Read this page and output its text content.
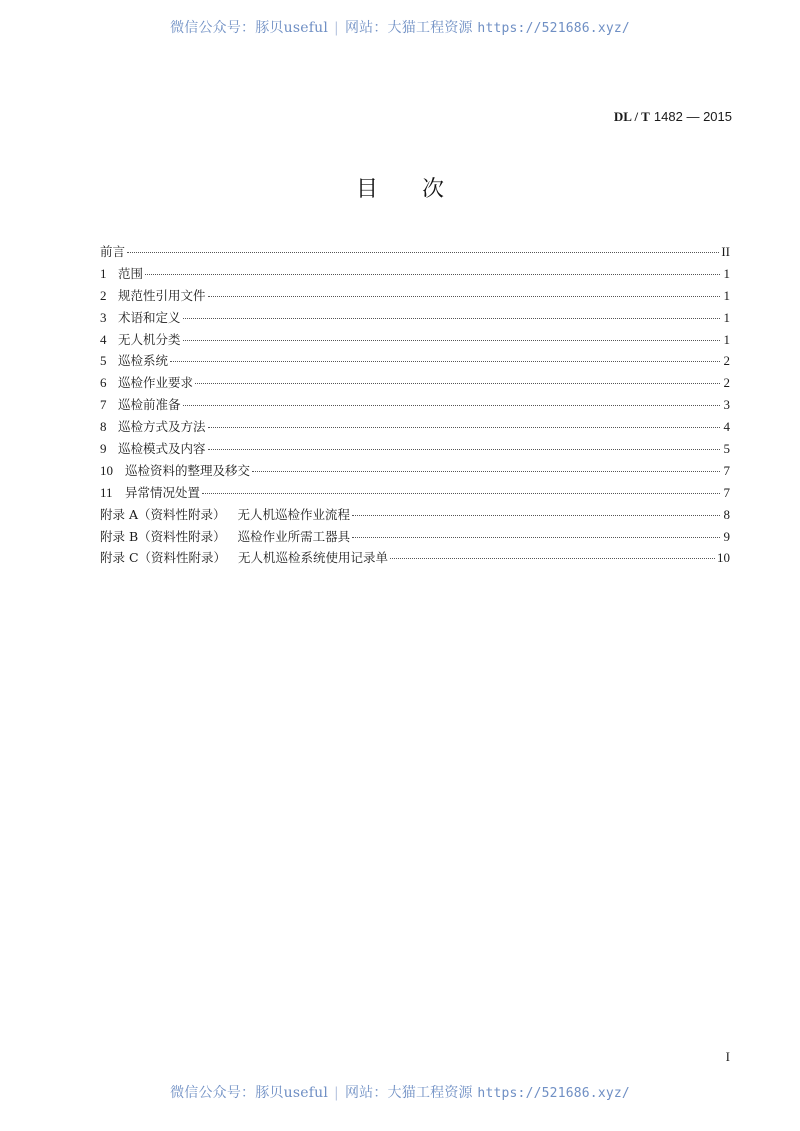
微信公众号：豚贝useful | 网站：大猫工程资源 https://521686.xyz/
DL / T 1482 — 2015
目次
前言	II
1 范围	1
2 规范性引用文件	1
3 术语和定义	1
4 无人机分类	1
5 巡检系统	2
6 巡检作业要求	2
7 巡检前准备	3
8 巡检方式及方法	4
9 巡检模式及内容	5
10 巡检资料的整理及移交	7
11 异常情况处置	7
附录 A（资料性附录） 无人机巡检作业流程	8
附录 B（资料性附录） 巡检作业所需工器具	9
附录 C（资料性附录） 无人机巡检系统使用记录单	10
I
微信公众号：豚贝useful | 网站：大猫工程资源 https://521686.xyz/
